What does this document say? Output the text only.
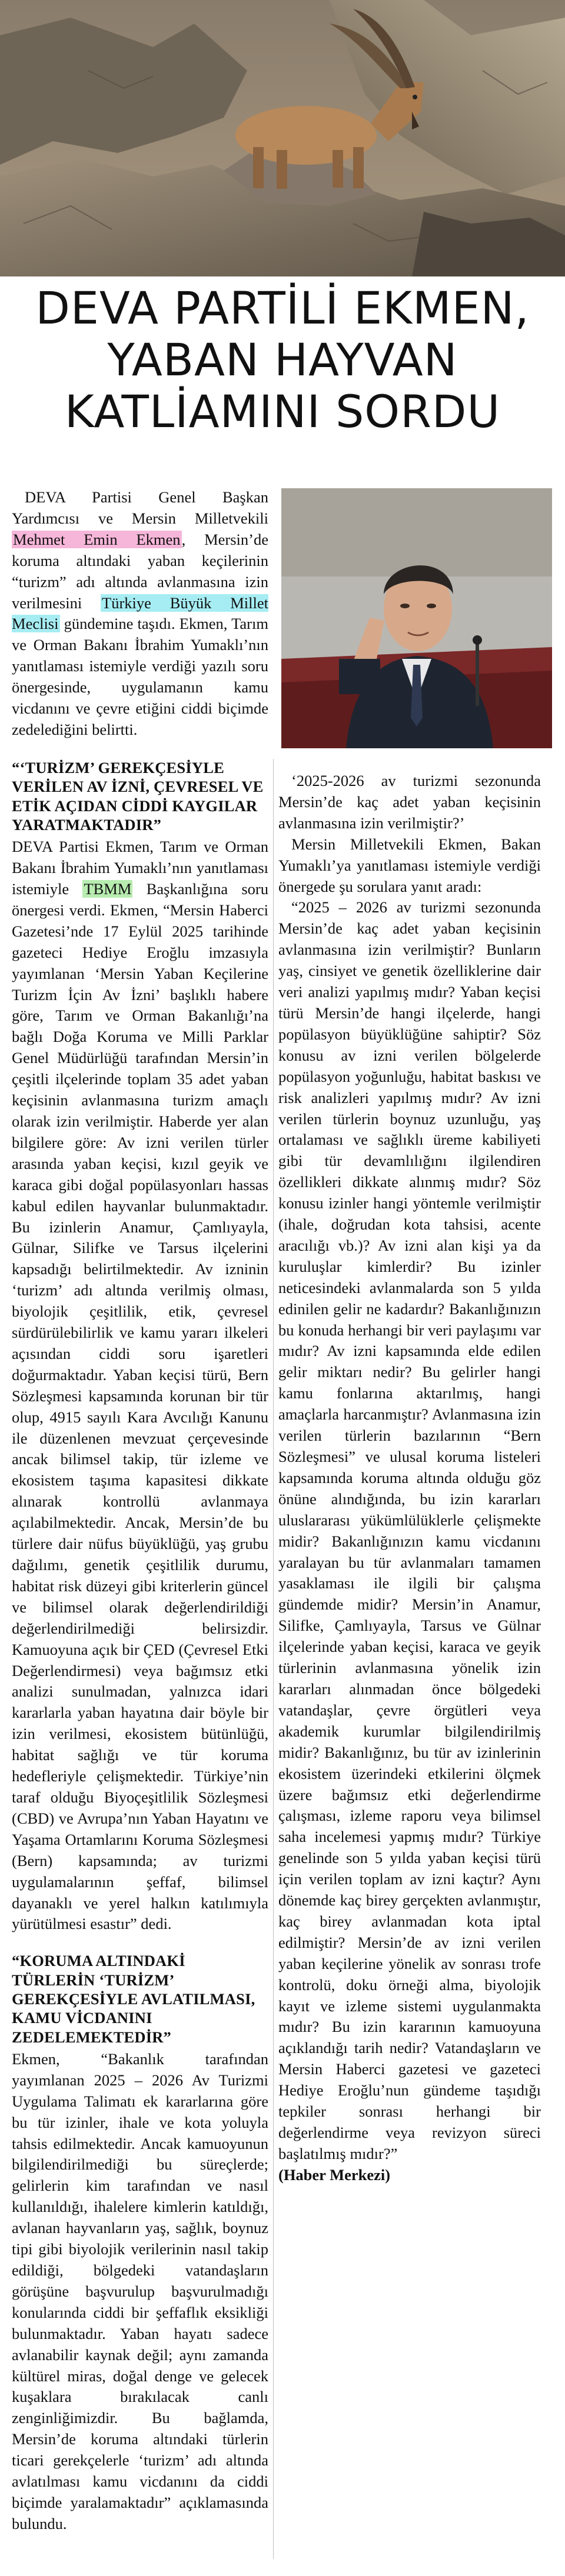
DEVA PARTİLİ EKMEN,
YABAN HAYVAN
KATLİAMINI SORDU

DEVA Partisi Genel Başkan Yardımcısı ve Mersin Milletvekili Mehmet Emin Ekmen, Mersin’de koruma altındaki yaban keçilerinin “turizm” adı altında avlanmasına izin verilmesini Türkiye Büyük Millet Meclisi gündemine taşıdı. Ekmen, Tarım ve Orman Bakanı İbrahim Yumaklı’nın yanıtlaması istemiyle verdiği yazılı soru önergesinde, uygulamanın kamu vicdanını ve çevre etiğini ciddi biçimde zedelediğini belirtti.

“‘TURİZM’ GEREKÇESİYLE VERİLEN AV İZNİ, ÇEVRESEL VE ETİK AÇIDAN CİDDİ KAYGILAR YARATMAKTADIR”

DEVA Partisi Ekmen, Tarım ve Orman Bakanı İbrahim Yumaklı’nın yanıtlaması istemiyle TBMM Başkanlığına soru önergesi verdi. Ekmen, “Mersin Haberci Gazetesi’nde 17 Eylül 2025 tarihinde gazeteci Hediye Eroğlu imzasıyla yayımlanan ‘Mersin Yaban Keçilerine Turizm İçin Av İzni’ başlıklı habere göre, Tarım ve Orman Bakanlığı’na bağlı Doğa Koruma ve Milli Parklar Genel Müdürlüğü tarafından Mersin’in çeşitli ilçelerinde toplam 35 adet yaban keçisinin avlanmasına turizm amaçlı olarak izin verilmiştir. Haberde yer alan bilgilere göre: Av izni verilen türler arasında yaban keçisi, kızıl geyik ve karaca gibi doğal popülasyonları hassas kabul edilen hayvanlar bulunmaktadır. Bu izinlerin Anamur, Çamlıyayla, Gülnar, Silifke ve Tarsus ilçelerini kapsadığı belirtilmektedir. Av izninin ‘turizm’ adı altında verilmiş olması, biyolojik çeşitlilik, etik, çevresel sürdürülebilirlik ve kamu yararı ilkeleri açısından ciddi soru işaretleri doğurmaktadır. Yaban keçisi türü, Bern Sözleşmesi kapsamında korunan bir tür olup, 4915 sayılı Kara Avcılığı Kanunu ile düzenlenen mevzuat çerçevesinde ancak bilimsel takip, tür izleme ve ekosistem taşıma kapasitesi dikkate alınarak kontrollü avlanmaya açılabilmektedir. Ancak, Mersin’de bu türlere dair nüfus büyüklüğü, yaş grubu dağılımı, genetik çeşitlilik durumu, habitat risk düzeyi gibi kriterlerin güncel ve bilimsel olarak değerlendirildiği değerlendirilmediği belirsizdir. Kamuoyuna açık bir ÇED (Çevresel Etki Değerlendirmesi) veya bağımsız etki analizi sunulmadan, yalnızca idari kararlarla yaban hayatına dair böyle bir izin verilmesi, ekosistem bütünlüğü, habitat sağlığı ve tür koruma hedefleriyle çelişmektedir. Türkiye’nin taraf olduğu Biyoçeşitlilik Sözleşmesi (CBD) ve Avrupa’nın Yaban Hayatını ve Yaşama Ortamlarını Koruma Sözleşmesi (Bern) kapsamında; av turizmi uygulamalarının şeffaf, bilimsel dayanaklı ve yerel halkın katılımıyla yürütülmesi esastır” dedi.

“KORUMA ALTINDAKİ TÜRLERİN ‘TURİZM’ GEREKÇESİYLE AVLATILMASI, KAMU VİCDANINI ZEDELEMEKTEDİR”

Ekmen, “Bakanlık tarafından yayımlanan 2025 – 2026 Av Turizmi Uygulama Talimatı ek kararlarına göre bu tür izinler, ihale ve kota yoluyla tahsis edilmektedir. Ancak kamuoyunun bilgilendirilmediği bu süreçlerde; gelirlerin kim tarafından ve nasıl kullanıldığı, ihalelere kimlerin katıldığı, avlanan hayvanların yaş, sağlık, boynuz tipi gibi biyolojik verilerinin nasıl takip edildiği, bölgedeki vatandaşların görüşüne başvurulup başvurulmadığı konularında ciddi bir şeffaflık eksikliği bulunmaktadır. Yaban hayatı sadece avlanabilir kaynak değil; aynı zamanda kültürel miras, doğal denge ve gelecek kuşaklara bırakılacak canlı zenginliğimizdir. Bu bağlamda, Mersin’de koruma altındaki türlerin ticari gerekçelerle ‘turizm’ adı altında avlatılması kamu vicdanını da ciddi biçimde yaralamaktadır” açıklamasında bulundu.

‘2025-2026 av turizmi sezonunda Mersin’de kaç adet yaban keçisinin avlanmasına izin verilmiştir?’

Mersin Milletvekili Ekmen, Bakan Yumaklı’ya yanıtlaması istemiyle verdiği önergede şu sorulara yanıt aradı:

“2025 – 2026 av turizmi sezonunda Mersin’de kaç adet yaban keçisinin avlanmasına izin verilmiştir? Bunların yaş, cinsiyet ve genetik özelliklerine dair veri analizi yapılmış mıdır? Yaban keçisi türü Mersin’de hangi ilçelerde, hangi popülasyon büyüklüğüne sahiptir? Söz konusu av izni verilen bölgelerde popülasyon yoğunluğu, habitat baskısı ve risk analizleri yapılmış mıdır? Av izni verilen türlerin boynuz uzunluğu, yaş ortalaması ve sağlıklı üreme kabiliyeti gibi tür devamlılığını ilgilendiren özellikleri dikkate alınmış mıdır? Söz konusu izinler hangi yöntemle verilmiştir (ihale, doğrudan kota tahsisi, acente aracılığı vb.)? Av izni alan kişi ya da kuruluşlar kimlerdir? Bu izinler neticesindeki avlanmalarda son 5 yılda edinilen gelir ne kadardır? Bakanlığınızın bu konuda herhangi bir veri paylaşımı var mıdır? Av izni kapsamında elde edilen gelir miktarı nedir? Bu gelirler hangi kamu fonlarına aktarılmış, hangi amaçlarla harcanmıştır? Avlanmasına izin verilen türlerin bazılarının “Bern Sözleşmesi” ve ulusal koruma listeleri kapsamında koruma altında olduğu göz önüne alındığında, bu izin kararları uluslararası yükümlülüklerle çelişmekte midir? Bakanlığınızın kamu vicdanını yaralayan bu tür avlanmaları tamamen yasaklaması ile ilgili bir çalışma gündemde midir? Mersin’in Anamur, Silifke, Çamlıyayla, Tarsus ve Gülnar ilçelerinde yaban keçisi, karaca ve geyik türlerinin avlanmasına yönelik izin kararları alınmadan önce bölgedeki vatandaşlar, çevre örgütleri veya akademik kurumlar bilgilendirilmiş midir? Bakanlığınız, bu tür av izinlerinin ekosistem üzerindeki etkilerini ölçmek üzere bağımsız etki değerlendirme çalışması, izleme raporu veya bilimsel saha incelemesi yapmış mıdır? Türkiye genelinde son 5 yılda yaban keçisi türü için verilen toplam av izni kaçtır? Aynı dönemde kaç birey gerçekten avlanmıştır, kaç birey avlanmadan kota iptal edilmiştir? Mersin’de av izni verilen yaban keçilerine yönelik av sonrası trofe kontrolü, doku örneği alma, biyolojik kayıt ve izleme sistemi uygulanmakta mıdır? Bu izin kararının kamuoyuna açıklandığı tarih nedir? Vatandaşların ve Mersin Haberci gazetesi ve gazeteci Hediye Eroğlu’nun gündeme taşıdığı tepkiler sonrası herhangi bir değerlendirme veya revizyon süreci başlatılmış mıdır?”

(Haber Merkezi)
